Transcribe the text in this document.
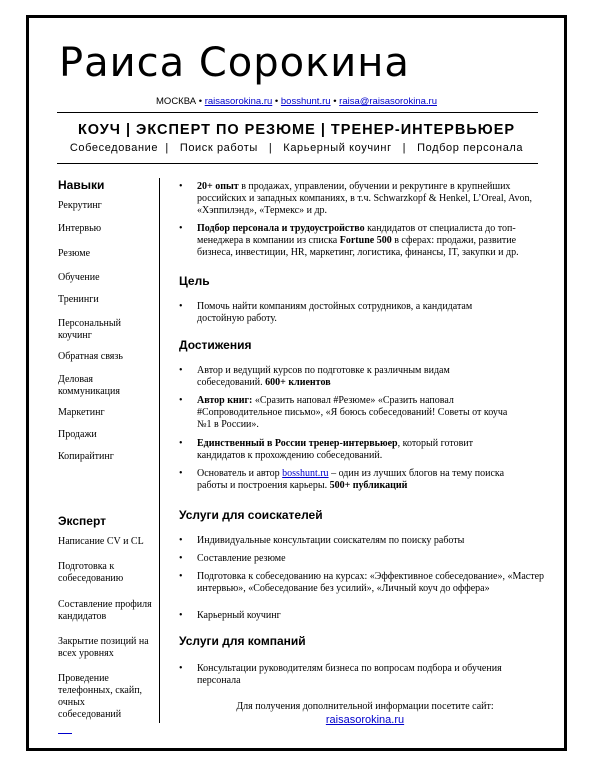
Раиса Сорокина
МОСКВА • raisasorokina.ru • bosshunt.ru • raisa@raisasorokina.ru
КОУЧ | ЭКСПЕРТ ПО РЕЗЮМЕ | ТРЕНЕР-ИНТЕРВЬЮЕР
Собеседование  |   Поиск работы   |   Карьерный коучинг   |   Подбор персонала
Навыки
Рекрутинг
Интервью
Резюме
Обучение
Тренинги
Персональный коучинг
Обратная связь
Деловая коммуникация
Маркетинг
Продажи
Копирайтинг
Эксперт
Написание CV и CL
Подготовка к собеседованию
Составление профиля кандидатов
Закрытие позиций на всех уровнях
Проведение телефонных, скайп, очных собеседований
• 20+ опыт в продажах, управлении, обучении и рекрутинге в крупнейших российских и западных компаниях, в т.ч. Schwarzkopf & Henkel, L’Oreal, Avon, «Хэппилэнд», «Термекс» и др.
• Подбор персонала и трудоустройство кандидатов от специалиста до топ-менеджера в компании из списка Fortune 500 в сферах: продажи, развитие бизнеса, инвестиции, HR, маркетинг, логистика, финансы, IT, закупки и др.
Цель
• Помочь найти компаниям достойных сотрудников, а кандидатам достойную работу.
Достижения
• Автор и ведущий курсов по подготовке к различным видам собеседований. 600+ клиентов
• Автор книг: «Сразить наповал #Резюме» «Сразить наповал #Сопроводительное письмо», «Я боюсь собеседований! Советы от коуча №1 в России».
• Единственный в России тренер-интервьюер, который готовит кандидатов к прохождению собеседований.
• Основатель и автор bosshunt.ru – один из лучших блогов на тему поиска работы и построения карьеры. 500+ публикаций
Услуги для соискателей
• Индивидуальные консультации соискателям по поиску работы
• Составление резюме
• Подготовка к собеседованию на курсах: «Эффективное собеседование», «Мастер интервью», «Собеседование без усилий», «Личный коуч до оффера»
• Карьерный коучинг
Услуги для компаний
• Консультации руководителям бизнеса по вопросам подбора и обучения персонала
Для получения дополнительной информации посетите сайт:
raisasorokina.ru
